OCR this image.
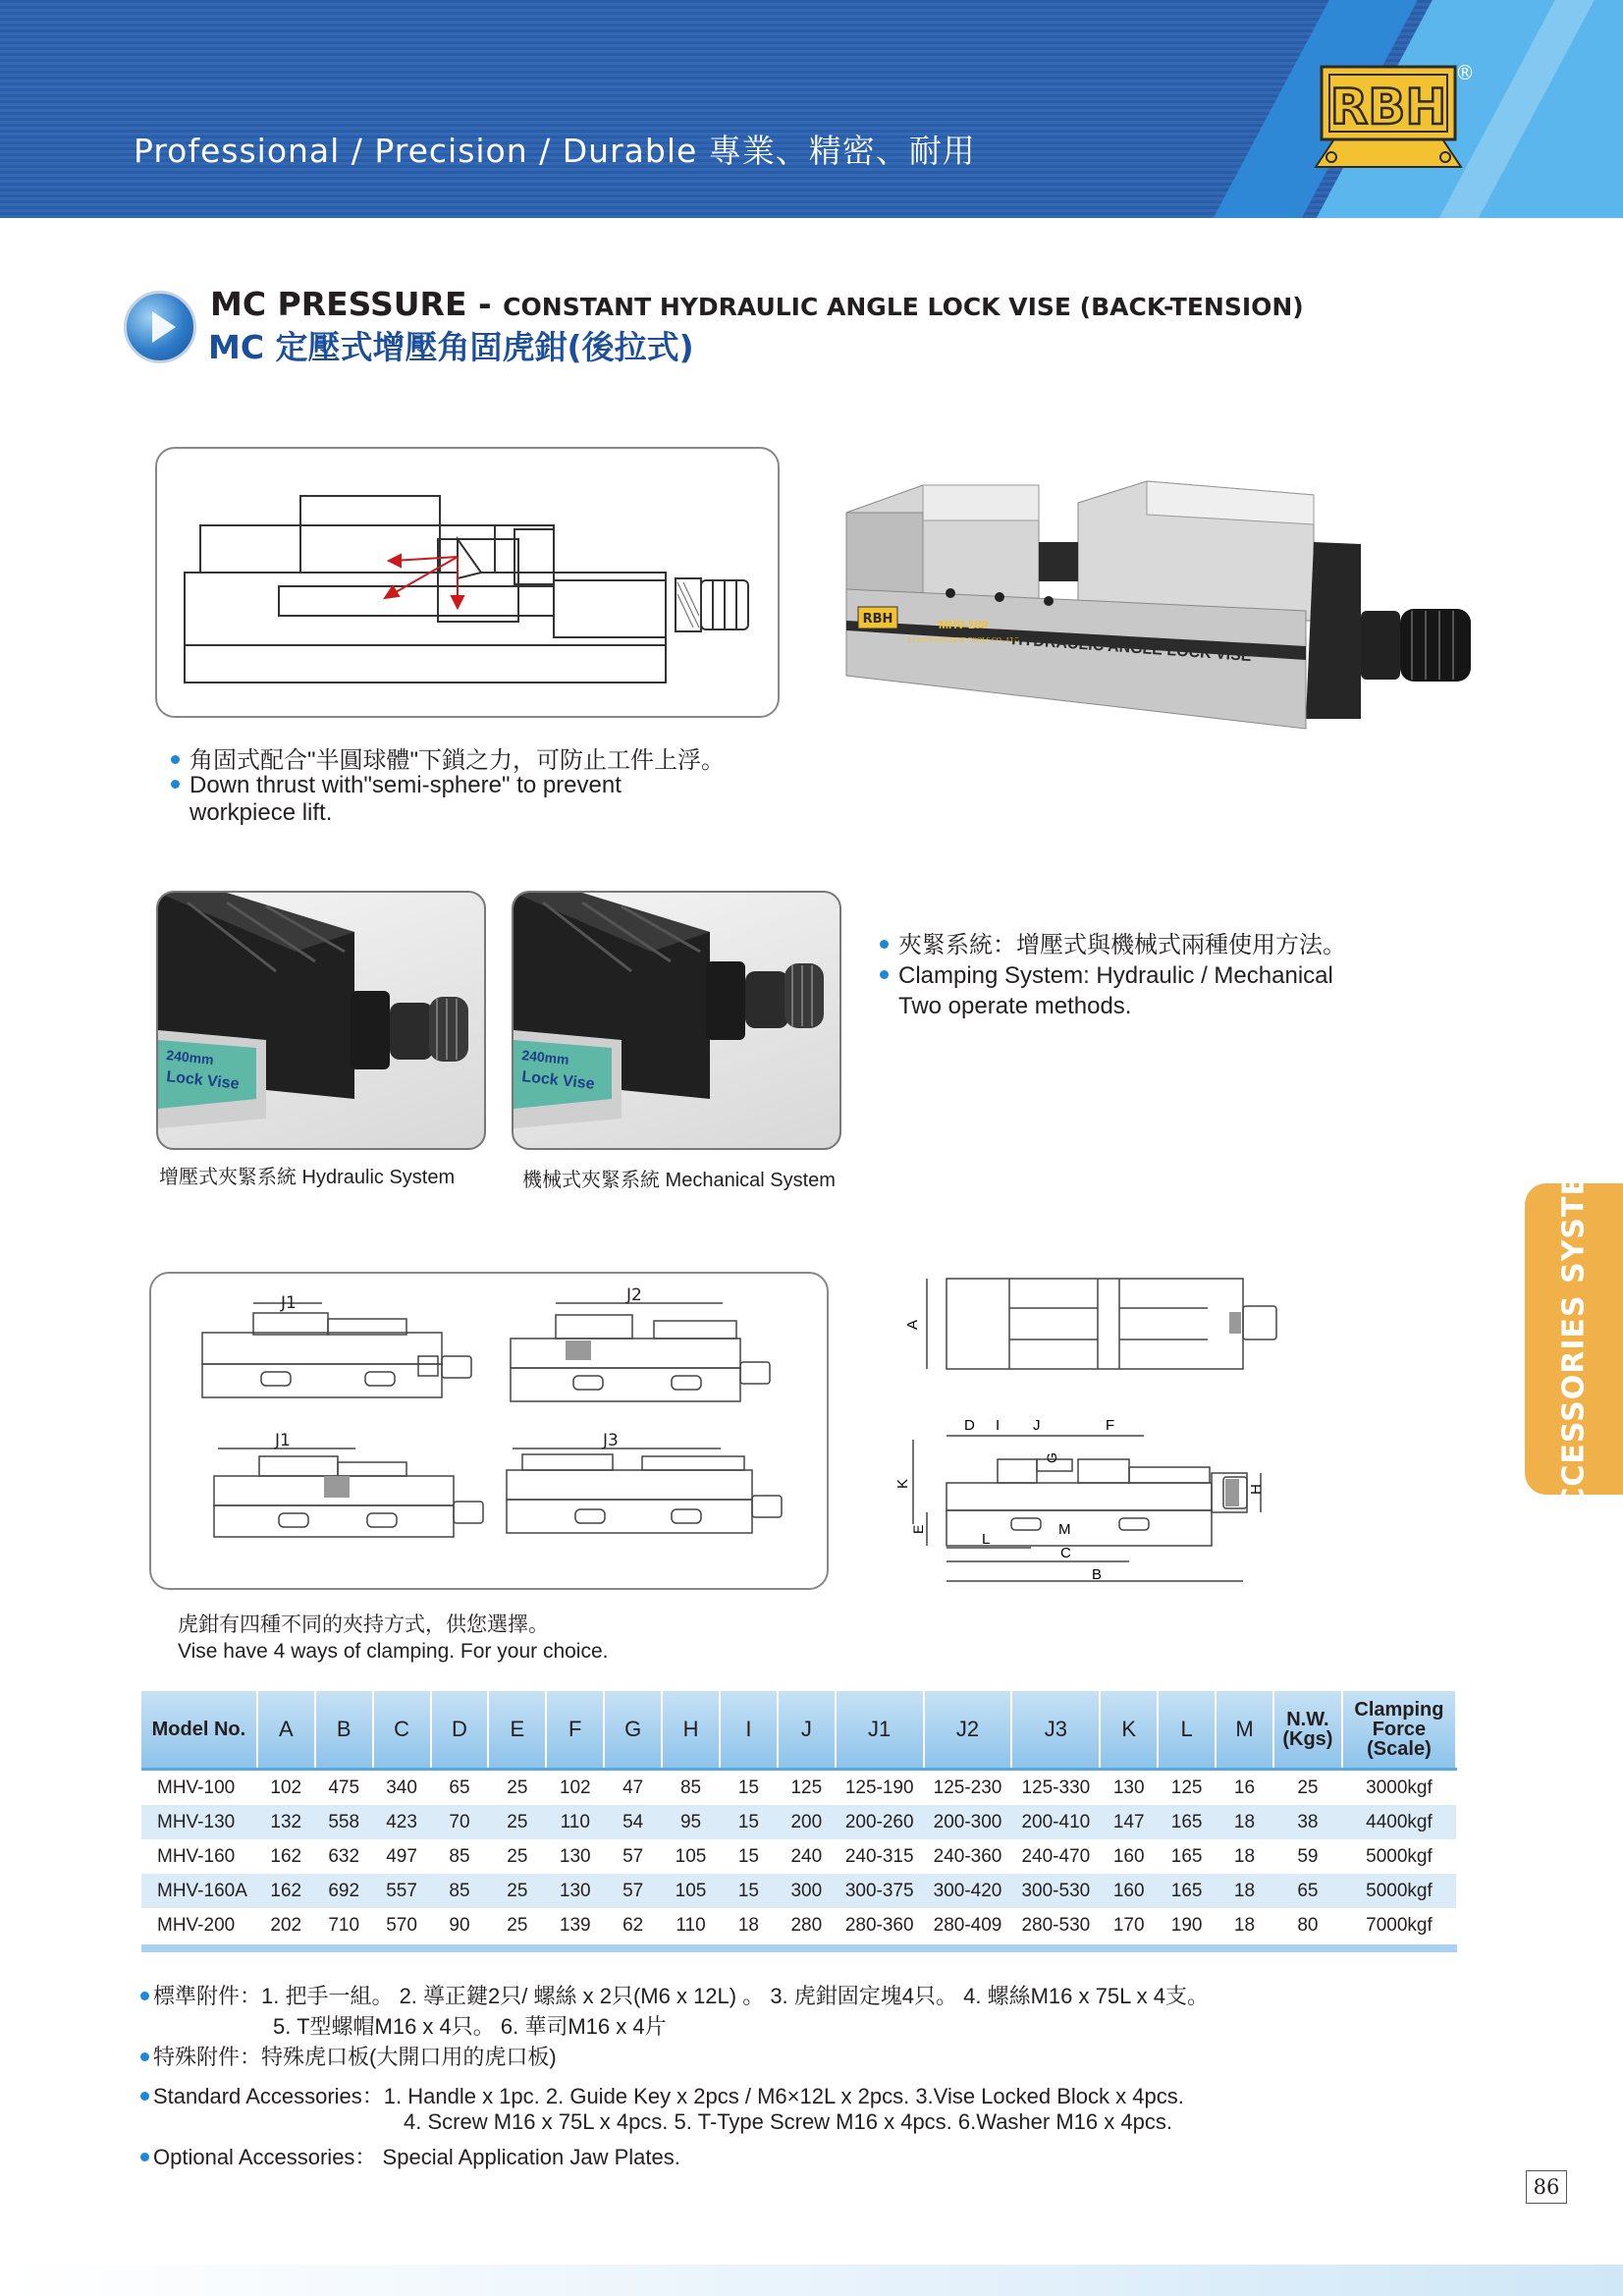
Professional / Precision / Durable 專業、精密、耐用
RBH
®
MC PRESSURE - CONSTANT HYDRAULIC ANGLE LOCK VISE (BACK-TENSION)
MC 定壓式增壓角固虎鉗(後拉式)
RBH	MHV-100
E CHUN MACHINE TOOLS CO., LTD
HYDRAULIC ANGLE LOCK VISE
角固式配合"半圓球體"下鎖之力，可防止工件上浮。
Down thrust with"semi-sphere" to prevent
workpiece lift.
240mm
Lock Vise
增壓式夾緊系統 Hydraulic System
240mm
Lock Vise
機械式夾緊系統 Mechanical System
夾緊系統：增壓式與機械式兩種使用方法。
Clamping System: Hydraulic / Mechanical
Two operate methods.
ACCESSORIES SYSTEM
J1	J2
J1	J3
A
D I J	F
G
K
E
H
M
L
C
B
虎鉗有四種不同的夾持方式，供您選擇。
Vise have 4 ways of clamping. For your choice.
Model No.	A	B	C	D	E	F	G	H	I	J	J1	J2	J3	K	L	M	N.W. (Kgs)	Clamping Force (Scale)
MHV-100	102	475	340	65	25	102	47	85	15	125	125-190	125-230	125-330	130	125	16	25	3000kgf
MHV-130	132	558	423	70	25	110	54	95	15	200	200-260	200-300	200-410	147	165	18	38	4400kgf
MHV-160	162	632	497	85	25	130	57	105	15	240	240-315	240-360	240-470	160	165	18	59	5000kgf
MHV-160A	162	692	557	85	25	130	57	105	15	300	300-375	300-420	300-530	160	165	18	65	5000kgf
MHV-200	202	710	570	90	25	139	62	110	18	280	280-360	280-409	280-530	170	190	18	80	7000kgf
標準附件：1. 把手一組。 2. 導正鍵2只/ 螺絲 x 2只(M6 x 12L) 。 3. 虎鉗固定塊4只。 4. 螺絲M16 x 75L x 4支。
5. T型螺帽M16 x 4只。 6. 華司M16 x 4片
特殊附件：特殊虎口板(大開口用的虎口板)
Standard Accessories：1. Handle x 1pc. 2. Guide Key x 2pcs / M6×12L x 2pcs. 3.Vise Locked Block x 4pcs.
4. Screw M16 x 75L x 4pcs. 5. T-Type Screw M16 x 4pcs. 6.Washer M16 x 4pcs.
Optional Accessories： Special Application Jaw Plates.
86
